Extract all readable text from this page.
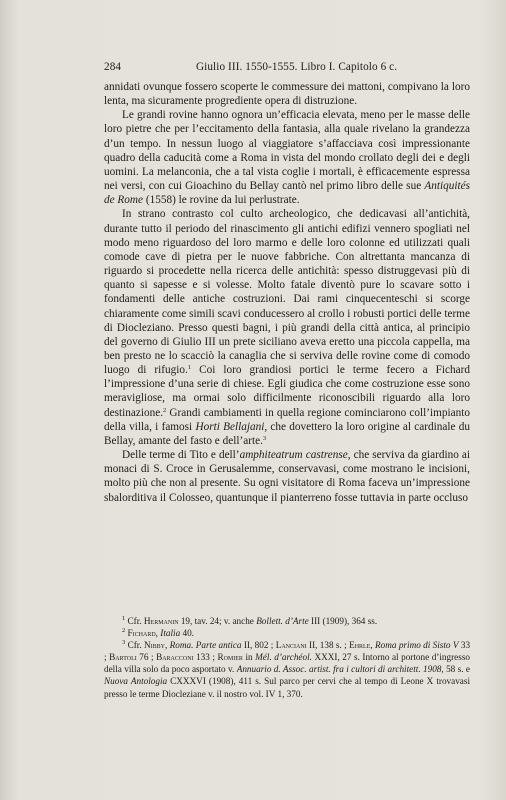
284	Giulio III. 1550-1555. Libro I. Capitolo 6 c.

annidati ovunque fossero scoperte le commessure dei mattoni, compivano la loro lenta, ma sicuramente progrediente opera di distruzione.

Le grandi rovine hanno ognora un’efficacia elevata, meno per le masse delle loro pietre che per l’eccitamento della fantasia, alla quale rivelano la grandezza d’un tempo. In nessun luogo al viaggiatore s’affacciava così impressionante quadro della caducità come a Roma in vista del mondo crollato degli dei e degli uomini. La melanconia, che a tal vista coglie i mortali, è efficacemente espressa nei versi, con cui Gioachino du Bellay cantò nel primo libro delle sue Antiquités de Rome (1558) le rovine da lui perlustrate.

In strano contrasto col culto archeologico, che dedicavasi all’antichità, durante tutto il periodo del rinascimento gli antichi edifizi vennero spogliati nel modo meno riguardoso del loro marmo e delle loro colonne ed utilizzati quali comode cave di pietra per le nuove fabbriche. Con altrettanta mancanza di riguardo si procedette nella ricerca delle antichità: spesso distruggevasi più di quanto si sapesse e si volesse. Molto fatale diventò pure lo scavare sotto i fondamenti delle antiche costruzioni. Dai rami cinquecenteschi si scorge chiaramente come simili scavi conducessero al crollo i robusti portici delle terme di Diocleziano. Presso questi bagni, i più grandi della città antica, al principio del governo di Giulio III un prete siciliano aveva eretto una piccola cappella, ma ben presto ne lo scacciò la canaglia che si serviva delle rovine come di comodo luogo di rifugio.$^1$ Coi loro grandiosi portici le terme fecero a Fichard l’impressione d’una serie di chiese. Egli giudica che come costruzione esse sono meravigliose, ma ormai solo difficilmente riconoscibili riguardo alla loro destinazione.$^2$ Grandi cambiamenti in quella regione cominciarono coll’impianto della villa, i famosi Horti Bellajani, che dovettero la loro origine al cardinale du Bellay, amante del fasto e dell’arte.$^3$

Delle terme di Tito e dell’amphiteatrum castrense, che serviva da giardino ai monaci di S. Croce in Gerusalemme, conservavasi, come mostrano le incisioni, molto più che non al presente. Su ogni visitatore di Roma faceva un’impressione sbalorditiva il Colosseo, quantunque il pianterreno fosse tuttavia in parte occluso

$^1$ Cfr. Hermanin 19, tav. 24; v. anche Bollett. d’Arte III (1909), 364 ss.

$^2$ Fichard, Italia 40.

$^3$ Cfr. Nibby, Roma. Parte antica II, 802 ; Lanciani II, 138 s. ; Ehrle, Roma primo di Sisto V 33 ; Bartoli 76 ; Baracconi 133 ; Romier in Mél. d’archéol. XXXI, 27 s. Intorno al portone d’ingresso della villa solo da poco asportato v. Annuario d. Assoc. artist. fra i cultori di architett. 1908, 58 s. e Nuova Antologia CXXXVI (1908), 411 s. Sul parco per cervi che al tempo di Leone X trovavasi presso le terme Diocleziane v. il nostro vol. IV 1, 370.
